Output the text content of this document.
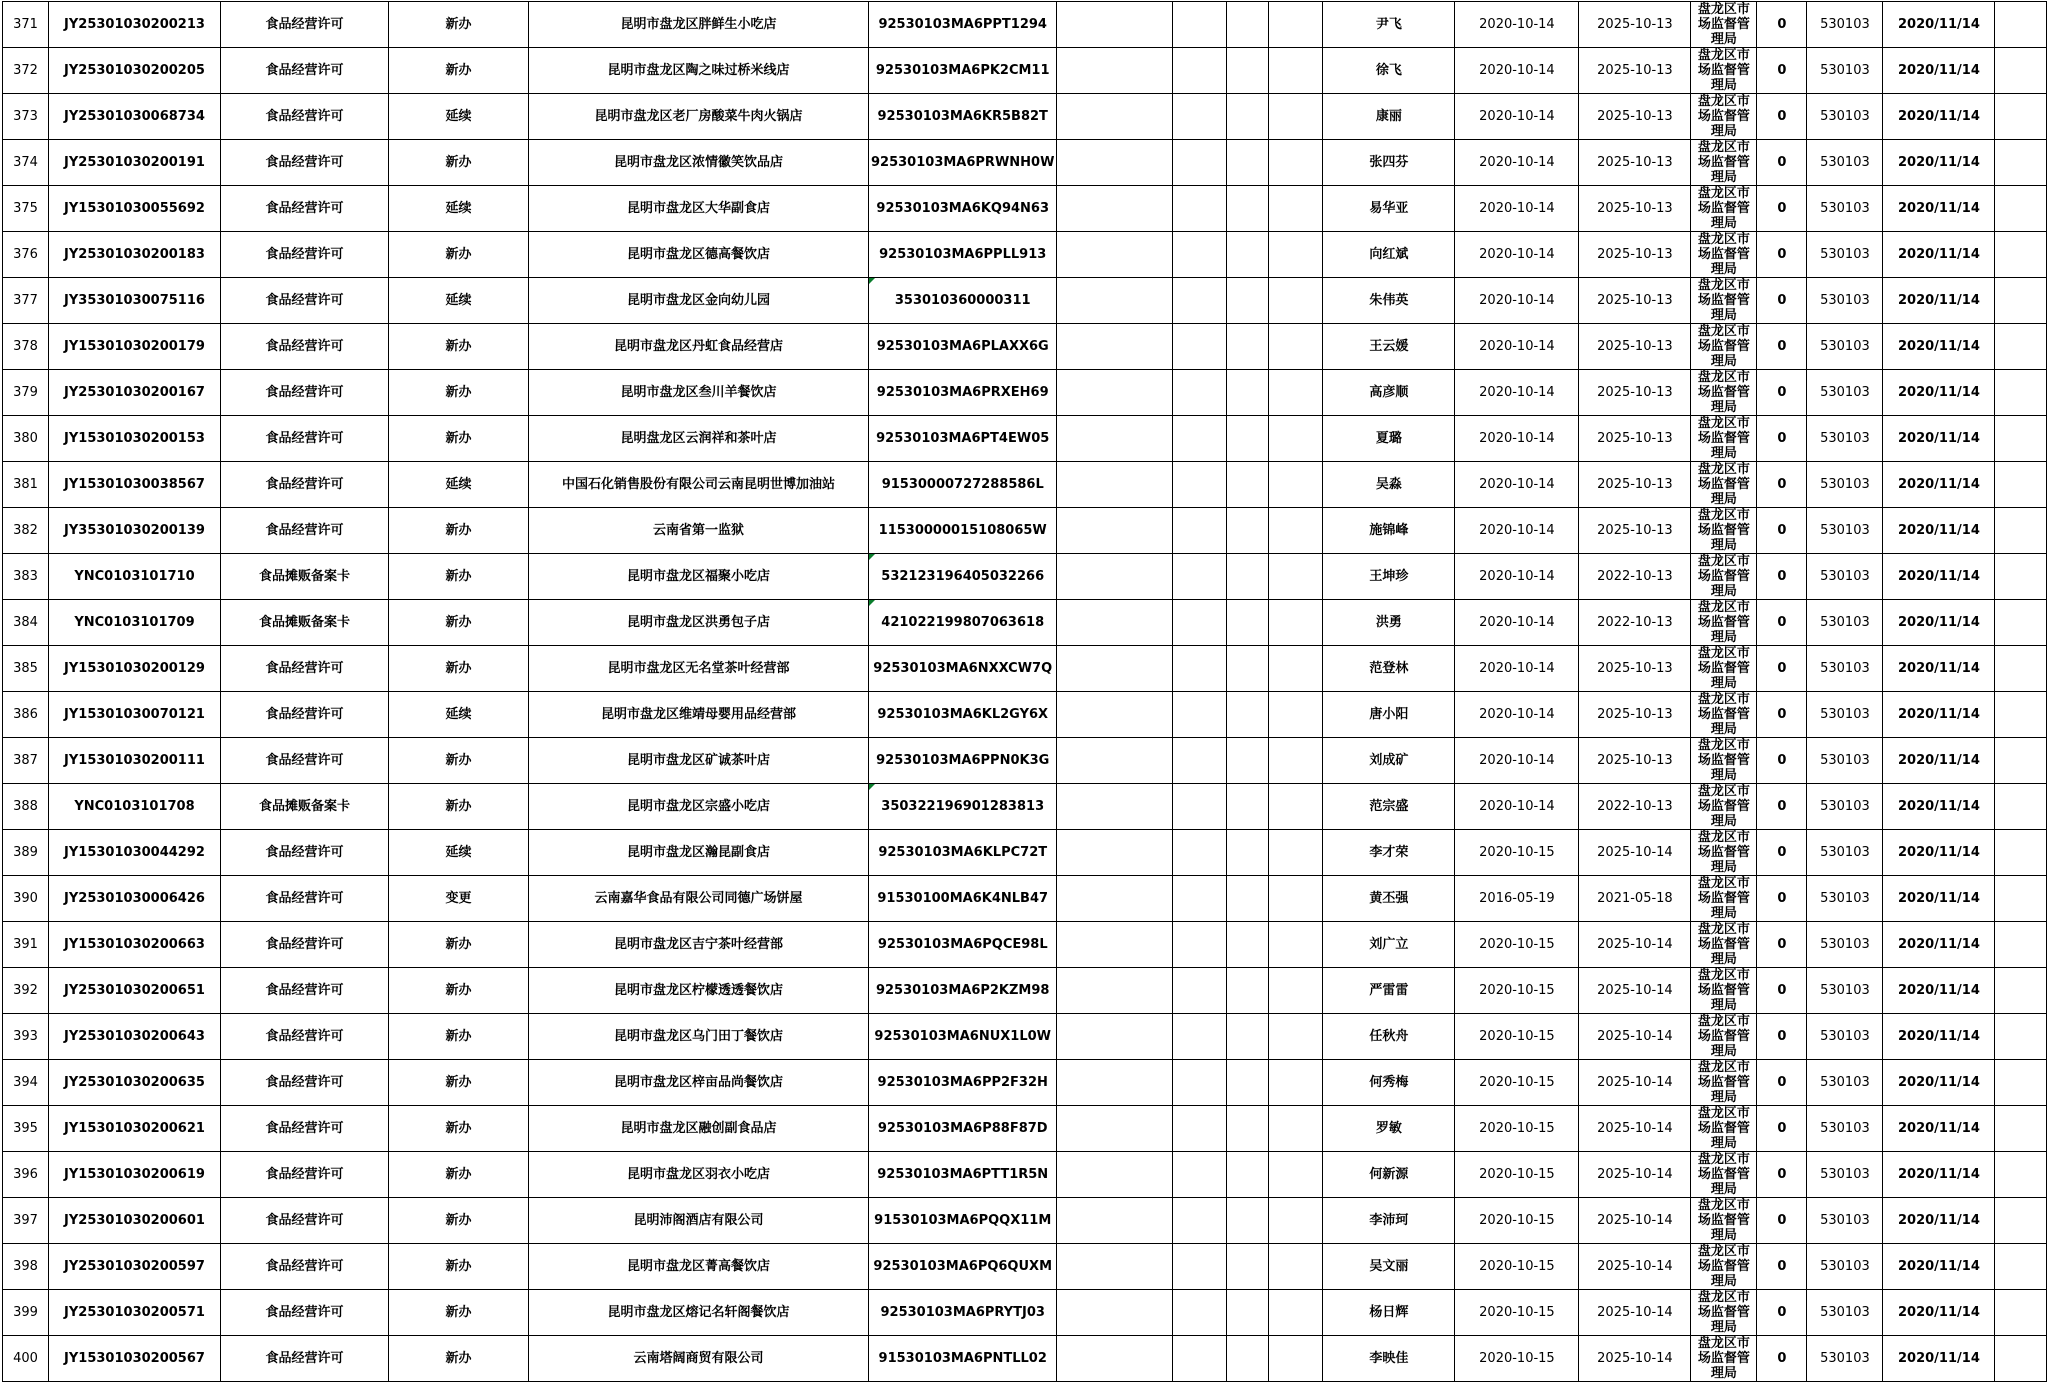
371	JY25301030200213	食品经营许可	新办	昆明市盘龙区胖鲜生小吃店	92530103MA6PPT1294					尹飞	2020-10-14	2025-10-13	盘龙区市场监督管理局	0	530103	2020/11/14	
372	JY25301030200205	食品经营许可	新办	昆明市盘龙区陶之味过桥米线店	92530103MA6PK2CM11					徐飞	2020-10-14	2025-10-13	盘龙区市场监督管理局	0	530103	2020/11/14	
373	JY25301030068734	食品经营许可	延续	昆明市盘龙区老厂房酸菜牛肉火锅店	92530103MA6KR5B82T					康丽	2020-10-14	2025-10-13	盘龙区市场监督管理局	0	530103	2020/11/14	
374	JY25301030200191	食品经营许可	新办	昆明市盘龙区浓情徽笑饮品店	92530103MA6PRWNH0W					张四芬	2020-10-14	2025-10-13	盘龙区市场监督管理局	0	530103	2020/11/14	
375	JY15301030055692	食品经营许可	延续	昆明市盘龙区大华副食店	92530103MA6KQ94N63					易华亚	2020-10-14	2025-10-13	盘龙区市场监督管理局	0	530103	2020/11/14	
376	JY25301030200183	食品经营许可	新办	昆明市盘龙区德高餐饮店	92530103MA6PPLL913					向红斌	2020-10-14	2025-10-13	盘龙区市场监督管理局	0	530103	2020/11/14	
377	JY35301030075116	食品经营许可	延续	昆明市盘龙区金向幼儿园	353010360000311					朱伟英	2020-10-14	2025-10-13	盘龙区市场监督管理局	0	530103	2020/11/14	
378	JY15301030200179	食品经营许可	新办	昆明市盘龙区丹虹食品经营店	92530103MA6PLAXX6G					王云媛	2020-10-14	2025-10-13	盘龙区市场监督管理局	0	530103	2020/11/14	
379	JY25301030200167	食品经营许可	新办	昆明市盘龙区叁川羊餐饮店	92530103MA6PRXEH69					高彦顺	2020-10-14	2025-10-13	盘龙区市场监督管理局	0	530103	2020/11/14	
380	JY15301030200153	食品经营许可	新办	昆明盘龙区云润祥和茶叶店	92530103MA6PT4EW05					夏璐	2020-10-14	2025-10-13	盘龙区市场监督管理局	0	530103	2020/11/14	
381	JY15301030038567	食品经营许可	延续	中国石化销售股份有限公司云南昆明世博加油站	91530000727288586L					吴淼	2020-10-14	2025-10-13	盘龙区市场监督管理局	0	530103	2020/11/14	
382	JY35301030200139	食品经营许可	新办	云南省第一监狱	11530000015108065W					施锦峰	2020-10-14	2025-10-13	盘龙区市场监督管理局	0	530103	2020/11/14	
383	YNC0103101710	食品摊贩备案卡	新办	昆明市盘龙区福聚小吃店	532123196405032266					王坤珍	2020-10-14	2022-10-13	盘龙区市场监督管理局	0	530103	2020/11/14	
384	YNC0103101709	食品摊贩备案卡	新办	昆明市盘龙区洪勇包子店	421022199807063618					洪勇	2020-10-14	2022-10-13	盘龙区市场监督管理局	0	530103	2020/11/14	
385	JY15301030200129	食品经营许可	新办	昆明市盘龙区无名堂茶叶经营部	92530103MA6NXXCW7Q					范登林	2020-10-14	2025-10-13	盘龙区市场监督管理局	0	530103	2020/11/14	
386	JY15301030070121	食品经营许可	延续	昆明市盘龙区维靖母婴用品经营部	92530103MA6KL2GY6X					唐小阳	2020-10-14	2025-10-13	盘龙区市场监督管理局	0	530103	2020/11/14	
387	JY15301030200111	食品经营许可	新办	昆明市盘龙区矿诚茶叶店	92530103MA6PPN0K3G					刘成矿	2020-10-14	2025-10-13	盘龙区市场监督管理局	0	530103	2020/11/14	
388	YNC0103101708	食品摊贩备案卡	新办	昆明市盘龙区宗盛小吃店	350322196901283813					范宗盛	2020-10-14	2022-10-13	盘龙区市场监督管理局	0	530103	2020/11/14	
389	JY15301030044292	食品经营许可	延续	昆明市盘龙区瀚昆副食店	92530103MA6KLPC72T					李才荣	2020-10-15	2025-10-14	盘龙区市场监督管理局	0	530103	2020/11/14	
390	JY25301030006426	食品经营许可	变更	云南嘉华食品有限公司同德广场饼屋	91530100MA6K4NLB47					黄丕强	2016-05-19	2021-05-18	盘龙区市场监督管理局	0	530103	2020/11/14	
391	JY15301030200663	食品经营许可	新办	昆明市盘龙区吉宁茶叶经营部	92530103MA6PQCE98L					刘广立	2020-10-15	2025-10-14	盘龙区市场监督管理局	0	530103	2020/11/14	
392	JY25301030200651	食品经营许可	新办	昆明市盘龙区柠檬透透餐饮店	92530103MA6P2KZM98					严雷雷	2020-10-15	2025-10-14	盘龙区市场监督管理局	0	530103	2020/11/14	
393	JY25301030200643	食品经营许可	新办	昆明市盘龙区乌门田丁餐饮店	92530103MA6NUX1L0W					任秋舟	2020-10-15	2025-10-14	盘龙区市场监督管理局	0	530103	2020/11/14	
394	JY25301030200635	食品经营许可	新办	昆明市盘龙区梓亩品尚餐饮店	92530103MA6PP2F32H					何秀梅	2020-10-15	2025-10-14	盘龙区市场监督管理局	0	530103	2020/11/14	
395	JY15301030200621	食品经营许可	新办	昆明市盘龙区融创副食品店	92530103MA6P88F87D					罗敏	2020-10-15	2025-10-14	盘龙区市场监督管理局	0	530103	2020/11/14	
396	JY15301030200619	食品经营许可	新办	昆明市盘龙区羽衣小吃店	92530103MA6PTT1R5N					何新源	2020-10-15	2025-10-14	盘龙区市场监督管理局	0	530103	2020/11/14	
397	JY25301030200601	食品经营许可	新办	昆明沛阁酒店有限公司	91530103MA6PQQX11M					李沛珂	2020-10-15	2025-10-14	盘龙区市场监督管理局	0	530103	2020/11/14	
398	JY25301030200597	食品经营许可	新办	昆明市盘龙区菁高餐饮店	92530103MA6PQ6QUXM					吴文丽	2020-10-15	2025-10-14	盘龙区市场监督管理局	0	530103	2020/11/14	
399	JY25301030200571	食品经营许可	新办	昆明市盘龙区熔记名轩阁餐饮店	92530103MA6PRYTJ03					杨日辉	2020-10-15	2025-10-14	盘龙区市场监督管理局	0	530103	2020/11/14	
400	JY15301030200567	食品经营许可	新办	云南塔阔商贸有限公司	91530103MA6PNTLL02					李映佳	2020-10-15	2025-10-14	盘龙区市场监督管理局	0	530103	2020/11/14	
